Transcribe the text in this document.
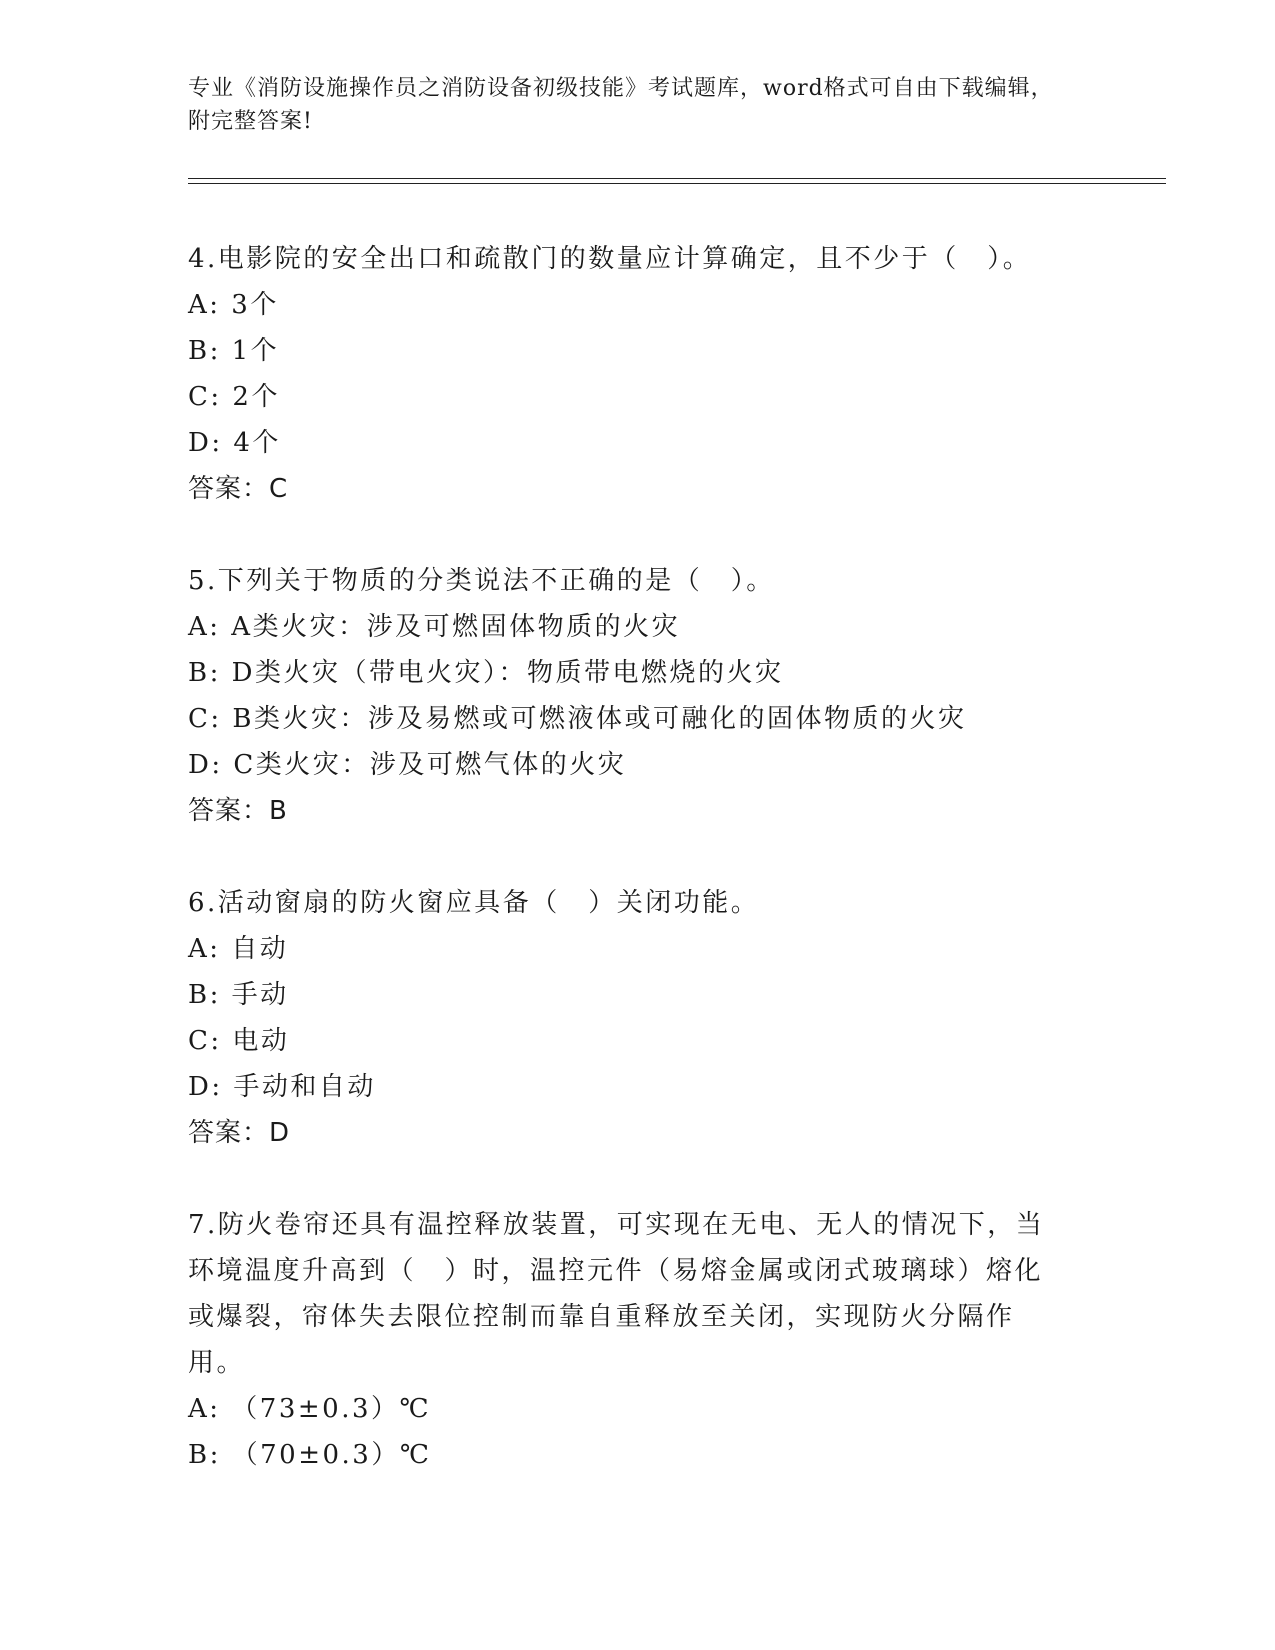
专业《消防设施操作员之消防设备初级技能》考试题库，word格式可自由下载编辑，附完整答案!

4.电影院的安全出口和疏散门的数量应计算确定，且不少于（　）。

A: 3个

B: 1个

C: 2个

D: 4个

答案：C

5.下列关于物质的分类说法不正确的是（　）。

A: A类火灾：涉及可燃固体物质的火灾

B: D类火灾（带电火灾）：物质带电燃烧的火灾

C: B类火灾：涉及易燃或可燃液体或可融化的固体物质的火灾

D: C类火灾：涉及可燃气体的火灾

答案：B

6.活动窗扇的防火窗应具备（　）关闭功能。

A: 自动

B: 手动

C: 电动

D: 手动和自动

答案：D

7.防火卷帘还具有温控释放装置，可实现在无电、无人的情况下，当环境温度升高到（　）时，温控元件（易熔金属或闭式玻璃球）熔化或爆裂，帘体失去限位控制而靠自重释放至关闭，实现防火分隔作用。

A: （73±0.3）℃

B: （70±0.3）℃
